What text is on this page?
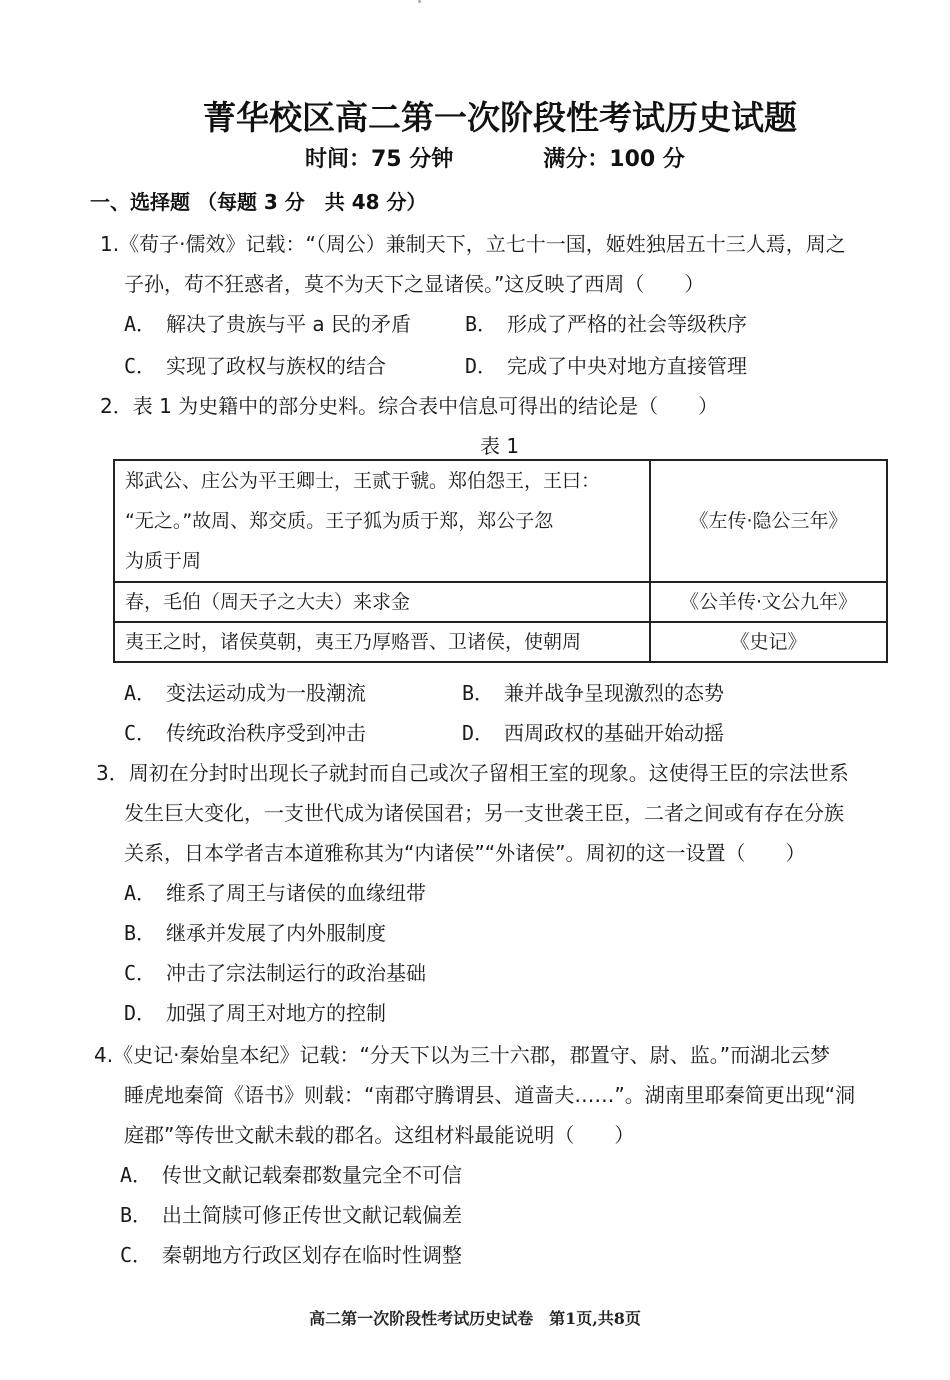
菁华校区高二第一次阶段性考试历史试题
时间：75 分钟	满分：100 分
一、选择题 （每题 3 分　共 48 分）
1.《荀子·儒效》记载：“（周公）兼制天下，立七十一国，姬姓独居五十三人焉，周之
子孙，苟不狂惑者，莫不为天下之显诸侯。”这反映了西周（　　）
A． 解决了贵族与平 a 民的矛盾	B． 形成了严格的社会等级秩序
C． 实现了政权与族权的结合	D． 完成了中央对地方直接管理
2．表 1 为史籍中的部分史料。综合表中信息可得出的结论是（　　）
表 1
郑武公、庄公为平王卿士，王贰于虢。郑伯怨王，王曰：
“无之。”故周、郑交质。王子狐为质于郑，郑公子忽
为质于周	《左传·隐公三年》
春，毛伯（周天子之大夫）来求金	《公羊传·文公九年》
夷王之时，诸侯莫朝，夷王乃厚赂晋、卫诸侯，使朝周	《史记》
A． 变法运动成为一股潮流	B． 兼并战争呈现激烈的态势
C． 传统政治秩序受到冲击	D． 西周政权的基础开始动摇
3．周初在分封时出现长子就封而自己或次子留相王室的现象。这使得王臣的宗法世系
发生巨大变化，一支世代成为诸侯国君；另一支世袭王臣，二者之间或有存在分族
关系，日本学者吉本道雅称其为“内诸侯”“外诸侯”。周初的这一设置（　　）
A． 维系了周王与诸侯的血缘纽带
B． 继承并发展了内外服制度
C． 冲击了宗法制运行的政治基础
D． 加强了周王对地方的控制
4.《史记·秦始皇本纪》记载：“分天下以为三十六郡，郡置守、尉、监。”而湖北云梦
睡虎地秦简《语书》则载：“南郡守腾谓县、道啬夫……”。湖南里耶秦简更出现“洞
庭郡”等传世文献未载的郡名。这组材料最能说明（　　）
A． 传世文献记载秦郡数量完全不可信
B． 出土简牍可修正传世文献记载偏差
C． 秦朝地方行政区划存在临时性调整
高二第一次阶段性考试历史试卷　第1页,共8页
